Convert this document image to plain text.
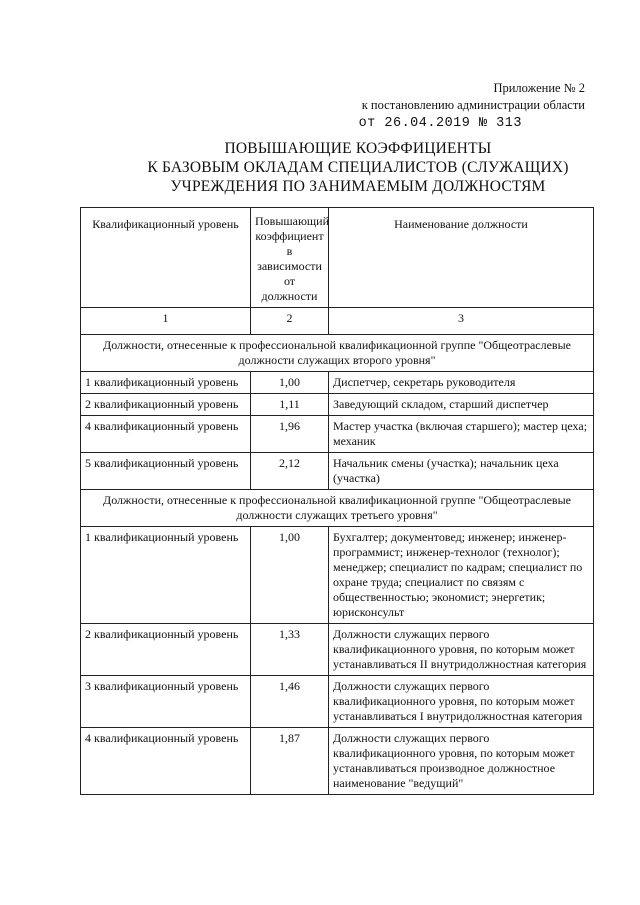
Приложение № 2
к постановлению администрации области
от 26.04.2019 № 313
ПОВЫШАЮЩИЕ КОЭФФИЦИЕНТЫ
К БАЗОВЫМ ОКЛАДАМ СПЕЦИАЛИСТОВ (СЛУЖАЩИХ)
УЧРЕЖДЕНИЯ ПО ЗАНИМАЕМЫМ ДОЛЖНОСТЯМ
Квалификационный уровень	Повышающий коэффициент в зависимости от должности	Наименование должности
1	2	3
Должности, отнесенные к профессиональной квалификационной группе "Общеотраслевые должности служащих второго уровня"		
1 квалификационный уровень	1,00	Диспетчер, секретарь руководителя
2 квалификационный уровень	1,11	Заведующий складом, старший диспетчер
4 квалификационный уровень	1,96	Мастер участка (включая старшего); мастер цеха; механик
5 квалификационный уровень	2,12	Начальник смены (участка); начальник цеха (участка)
Должности, отнесенные к профессиональной квалификационной группе "Общеотраслевые должности служащих третьего уровня"		
1 квалификационный уровень	1,00	Бухгалтер; документовед; инженер; инженер-программист; инженер-технолог (технолог); менеджер; специалист по кадрам; специалист по охране труда; специалист по связям с общественностью; экономист; энергетик; юрисконсульт
2 квалификационный уровень	1,33	Должности служащих первого квалификационного уровня, по которым может устанавливаться II внутридолжностная категория
3 квалификационный уровень	1,46	Должности служащих первого квалификационного уровня, по которым может устанавливаться I внутридолжностная категория
4 квалификационный уровень	1,87	Должности служащих первого квалификационного уровня, по которым может устанавливаться производное должностное наименование "ведущий"
